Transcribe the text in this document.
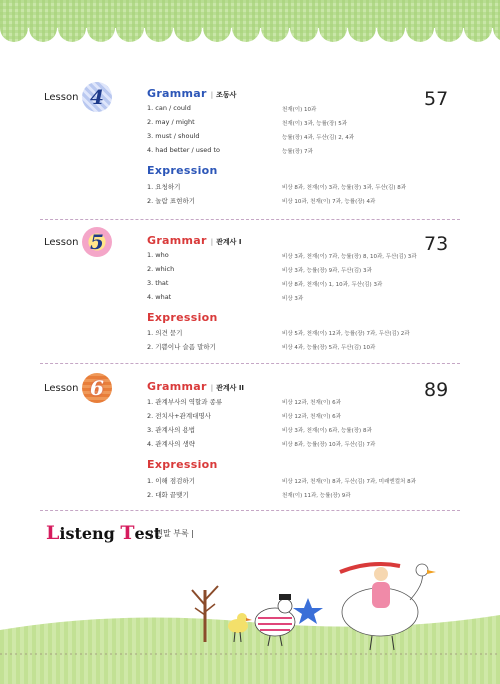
Lesson 4	57
Grammar | 조동사
1. can / could	천재(이) 10과
2. may / might	천재(이) 3과, 능률(장) 5과
3. must / should	능률(장) 4과, 두산(김) 2, 4과
4. had better / used to	능률(장) 7과
Expression
1. 요청하기	비상 8과, 천재(이) 3과, 능률(장) 3과, 두산(김) 8과
2. 놀람 표현하기	비상 10과, 천재(이) 7과, 능률(장) 4과
Lesson 5	73
Grammar | 관계사 I
1. who	비상 3과, 천재(이) 7과, 능률(장) 8, 10과, 두산(김) 3과
2. which	비상 3과, 능률(장) 9과, 두산(김) 3과
3. that	비상 8과, 천재(이) 1, 10과, 두산(김) 3과
4. what	비상 3과
Expression
1. 의견 묻기	비상 5과, 천재(이) 12과, 능률(장) 7과, 두산(김) 2과
2. 기쁨이나 슬픔 말하기	비상 4과, 능률(장) 5과, 두산(김) 10과
Lesson 6	89
Grammar | 관계사 II
1. 관계부사의 역할과 종류	비상 12과, 천재(이) 6과
2. 전치사+관계대명사	비상 12과, 천재(이) 6과
3. 관계사의 용법	비상 3과, 천재(이) 6과, 능률(장) 8과
4. 관계사의 생략	비상 8과, 능률(장) 10과, 두산(김) 7과
Expression
1. 이해 점검하기	비상 12과, 천재(이) 8과, 두산(김) 7과, 미래엔컬처 8과
2. 대화 끝맺기	천재(이) 11과, 능률(장) 9과
Listeng Test
| 권말 부록 |
